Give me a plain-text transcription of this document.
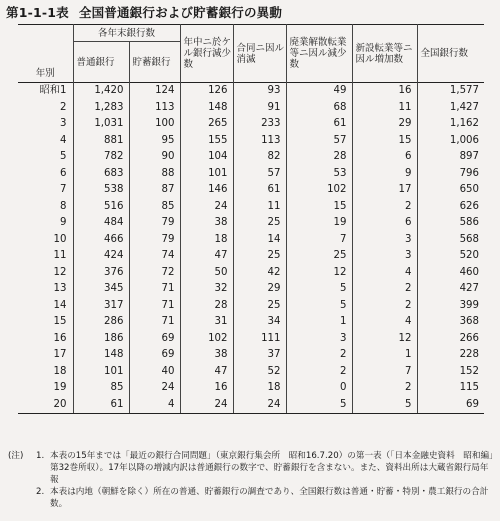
第1-1-1表 全国普通銀行および貯蓄銀行の異動
年別	各年末銀行数		年中ニ於ケル銀行減少数	合同ニ因ル消滅	廃業解散転業等ニ因ル減少数	新設転業等ニ因ル増加数	全国銀行数
	普通銀行	貯蓄銀行					
昭和1	1,420	124	126	93	49	16	1,577
2	1,283	113	148	91	68	11	1,427
3	1,031	100	265	233	61	29	1,162
4	881	95	155	113	57	15	1,006
5	782	90	104	82	28	6	897
6	683	88	101	57	53	9	796
7	538	87	146	61	102	17	650
8	516	85	24	11	15	2	626
9	484	79	38	25	19	6	586
10	466	79	18	14	7	3	568
11	424	74	47	25	25	3	520
12	376	72	50	42	12	4	460
13	345	71	32	29	5	2	427
14	317	71	28	25	5	2	399
15	286	71	31	34	1	4	368
16	186	69	102	111	3	12	266
17	148	69	38	37	2	1	228
18	101	40	47	52	2	7	152
19	85	24	16	18	0	2	115
20	61	4	24	24	5	5	69
(注)	1. 本表の15年までは「最近の銀行合同問題」（東京銀行集会所　昭和16.7.20）の第一表（「日本金融史資料　昭和編」第32巻所収）。17年以降の増減内訳は普通銀行の数字で、貯蓄銀行を含まない。また、資料出所は大蔵省銀行局年報
2. 本表は内地（朝鮮を除く）所在の普通、貯蓄銀行の調査であり、全国銀行数は普通・貯蓄・特別・農工銀行の合計数。
